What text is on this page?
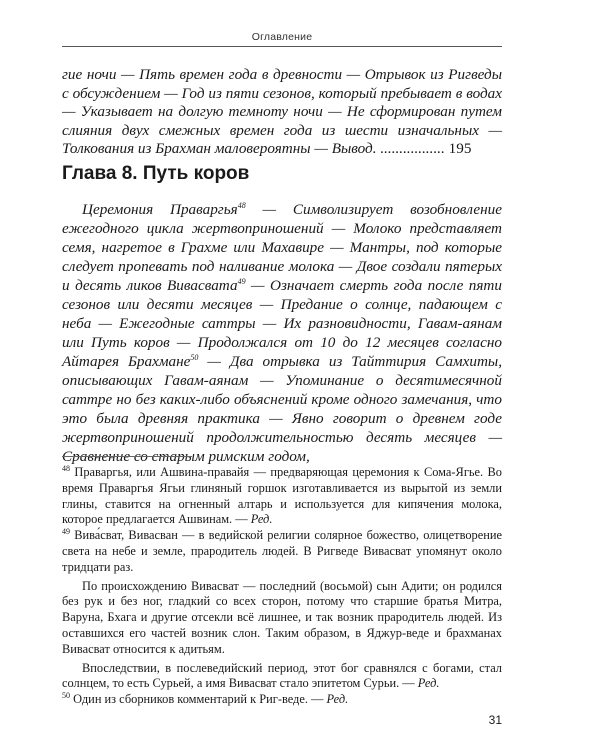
Оглавление

гие ночи — Пять времен года в древности — Отрывок из Ригведы с обсуждением — Год из пяти сезонов, который пребывает в водах — Указывает на долгую темноту ночи — Не сформирован путем слияния двух смежных времен года из шести изначальных — Толкования из Брахман маловероятны — Вывод. ................. 195

Глава 8. Путь коров

Церемония Праваргья$^{48}$ — Символизирует возобновление ежегодного цикла жертвоприношений — Молоко представляет семя, нагретое в Грахме или Махавире — Мантры, под которые следует пропевать под наливание молока — Двое создали пятерых и десять ликов Вивасвата$^{49}$ — Означает смерть года после пяти сезонов или десяти месяцев — Предание о солнце, падающем с неба — Ежегодные саттры — Их разновидности, Гавам-аянам или Путь коров — Продолжался от 10 до 12 месяцев согласно Айтарея Брахмане$^{50}$ — Два отрывка из Тайттирия Самхиты, описывающих Гавам-аянам — Упоминание о десятимесячной саттре но без каких-либо объяснений кроме одного замечания, что это была древняя практика — Явно говорит о древнем годе жертвоприношений продолжительностью десять месяцев — Сравнение со старым римским годом,

$^{48}$ Праваргья, или Ашвина-правайя — предваряющая церемония к Сома-Ягье. Во время Праваргья Ягьи глиняный горшок изготавливается из вырытой из земли глины, ставится на огненный алтарь и используется для кипячения молока, которое предлагается Ашвинам. — Ред.

$^{49}$ Вива́сват, Вивасван — в ведийской религии солярное божество, олицетворение света на небе и земле, прародитель людей. В Ригведе Вивасват упомянут около тридцати раз.

По происхождению Вивасват — последний (восьмой) сын Адити; он родился без рук и без ног, гладкий со всех сторон, потому что старшие братья Митра, Варуна, Бхага и другие отсекли всё лишнее, и так возник прародитель людей. Из оставшихся его частей возник слон. Таким образом, в Яджур-веде и брахманах Вивасват относится к адитьям.

Впоследствии, в послеведийский период, этот бог сравнялся с богами, стал солнцем, то есть Сурьей, а имя Вивасват стало эпитетом Сурьи. — Ред.

$^{50}$ Один из сборников комментарий к Риг-веде. — Ред.

31
